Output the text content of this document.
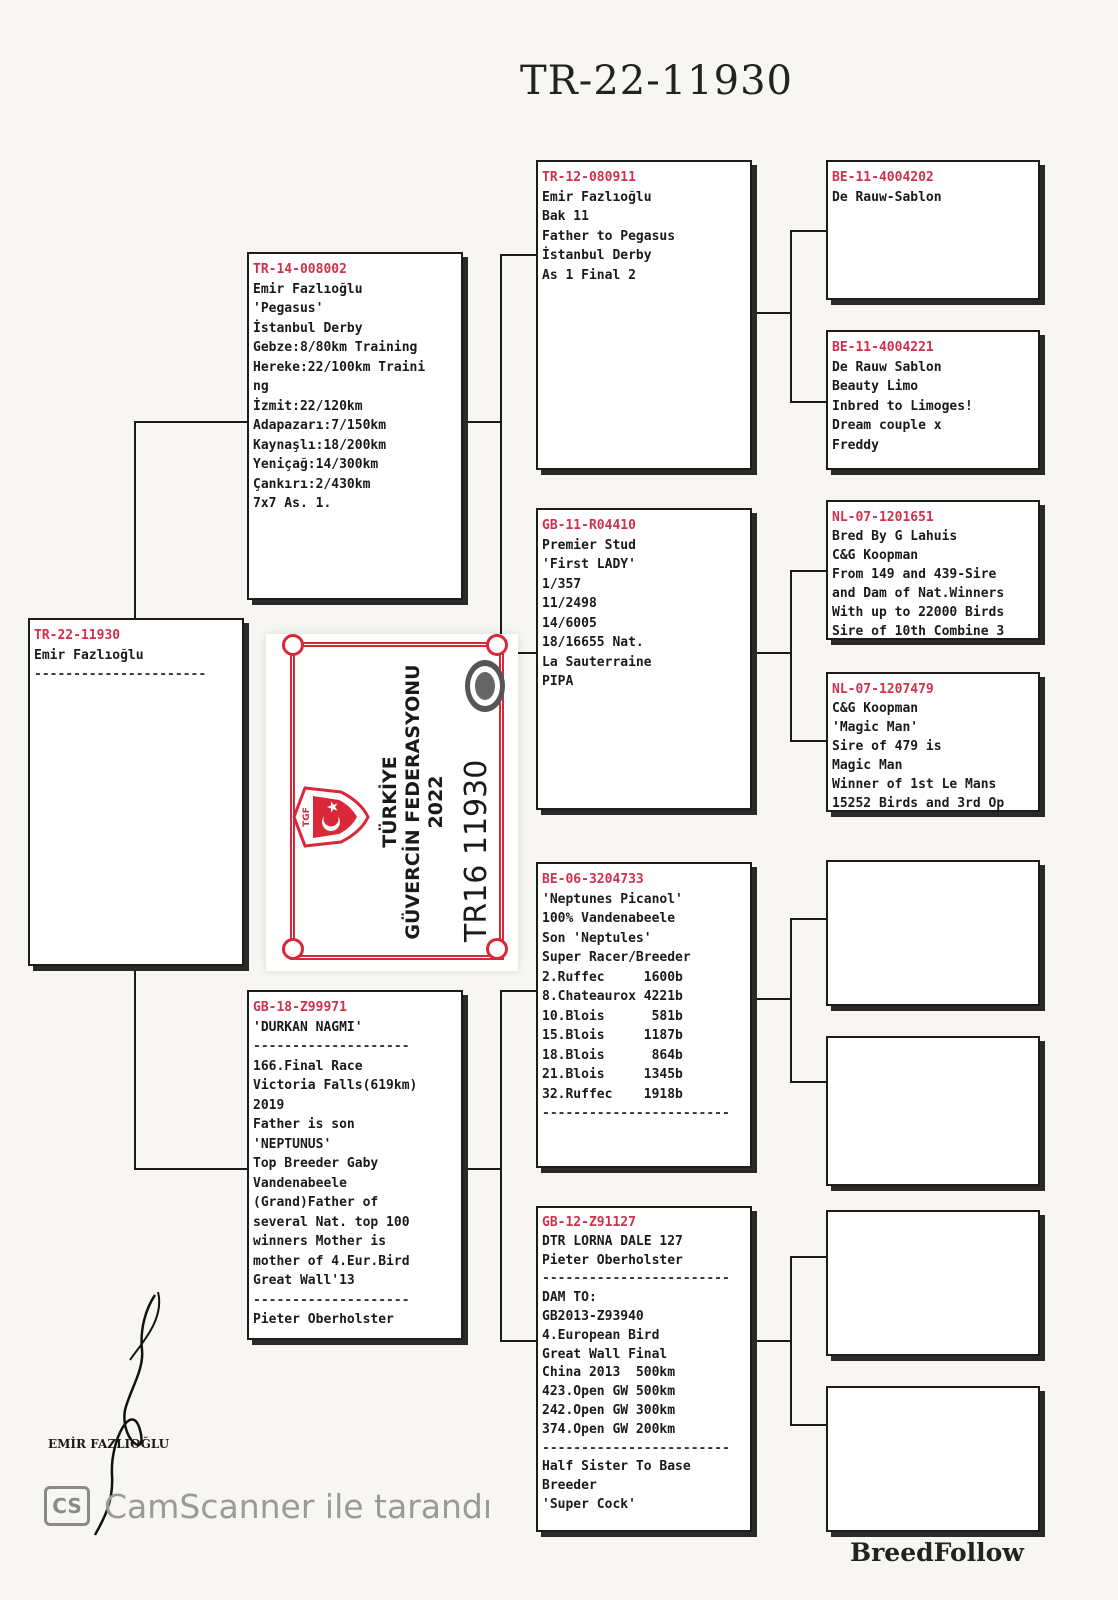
TR-22-11930
TR-22-11930
Emir Fazlıoğlu
----------------------
TR-14-008002
Emir Fazlıoğlu
'Pegasus'
İstanbul Derby
Gebze:8/80km Training
Hereke:22/100km Traini
ng
İzmit:22/120km
Adapazarı:7/150km
Kaynaşlı:18/200km
Yeniçağ:14/300km
Çankırı:2/430km
7x7 As. 1.
GB-18-Z99971
'DURKAN NAGMI'
--------------------
166.Final Race
Victoria Falls(619km)
2019
Father is son
'NEPTUNUS'
Top Breeder Gaby
Vandenabeele
(Grand)Father of
several Nat. top 100
winners Mother is
mother of 4.Eur.Bird
Great Wall'13
--------------------
Pieter Oberholster
TR-12-080911
Emir Fazlıoğlu
Bak 11
Father to Pegasus
İstanbul Derby
As 1 Final 2
GB-11-R04410
Premier Stud
'First LADY'
1/357
11/2498
14/6005
18/16655 Nat.
La Sauterraine
PIPA
BE-06-3204733
'Neptunes Picanol'
100% Vandenabeele
Son 'Neptules'
Super Racer/Breeder
2.Ruffec     1600b
8.Chateaurox 4221b
10.Blois      581b
15.Blois     1187b
18.Blois      864b
21.Blois     1345b
32.Ruffec    1918b
------------------------
GB-12-Z91127
DTR LORNA DALE 127
Pieter Oberholster
------------------------
DAM TO:
GB2013-Z93940
4.European Bird
Great Wall Final
China 2013  500km
423.Open GW 500km
242.Open GW 300km
374.Open GW 200km
------------------------
Half Sister To Base
Breeder
'Super Cock'
BE-11-4004202
De Rauw-Sablon
BE-11-4004221
De Rauw Sablon
Beauty Limo
Inbred to Limoges!
Dream couple x
Freddy
NL-07-1201651
Bred By G Lahuis
C&G Koopman
From 149 and 439-Sire
and Dam of Nat.Winners
With up to 22000 Birds
Sire of 10th Combine 3
NL-07-1207479
C&G Koopman
'Magic Man'
Sire of 479 is
Magic Man
Winner of 1st Le Mans
15252 Birds and 3rd Op
TGF	TÜRKİYE GÜVERCİN FEDERASYONU 2022 TR16 11930
EMİR FAZLIOĞLU
CS CamScanner ile tarandı
BreedFollow
